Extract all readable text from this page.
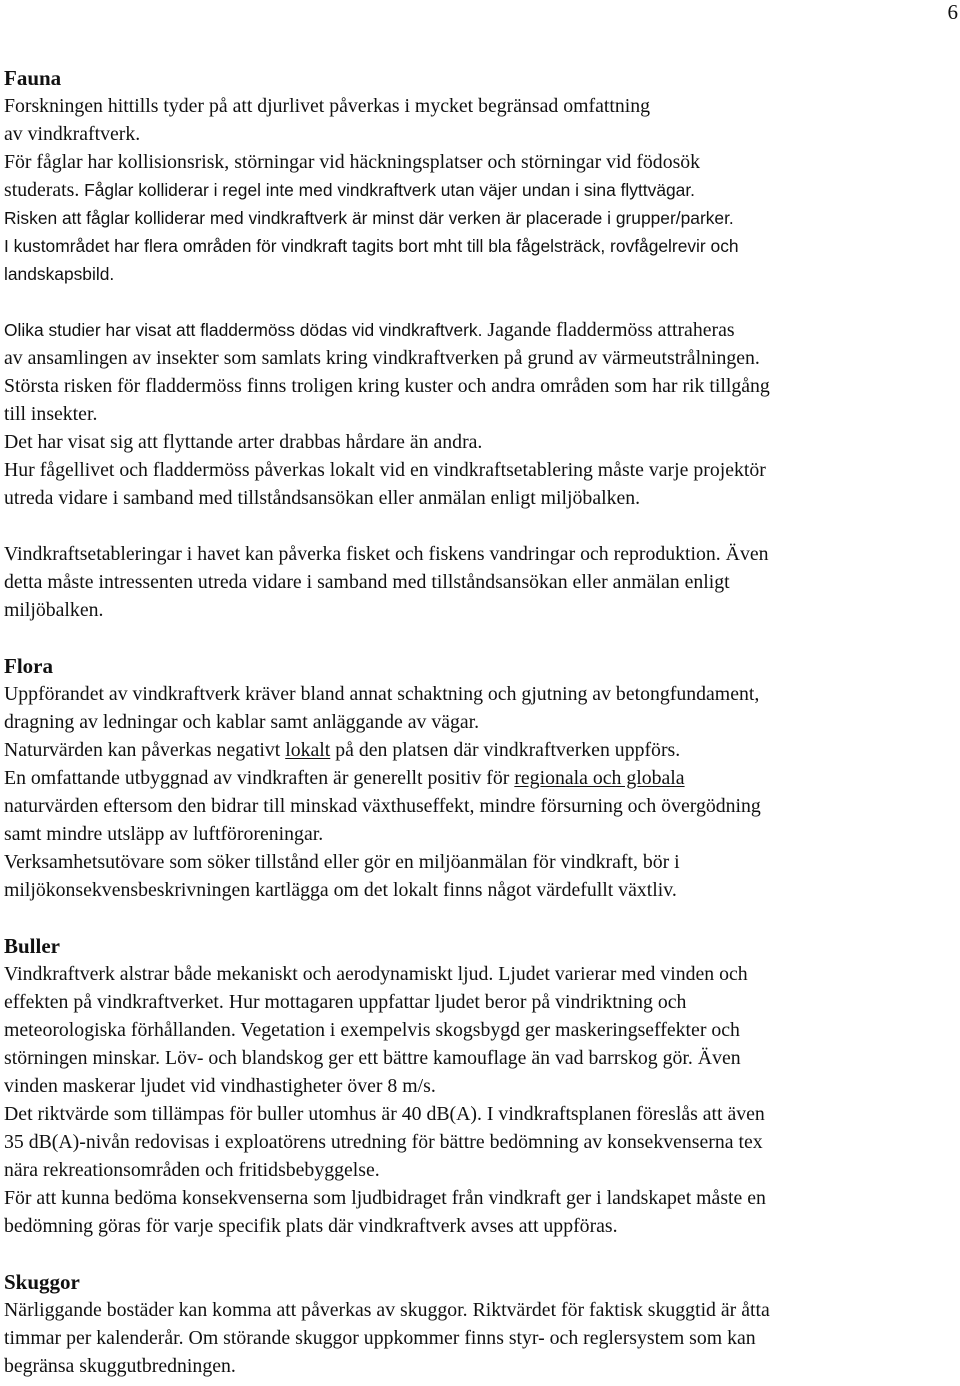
6

Fauna

Forskningen hittills tyder på att djurlivet påverkas i mycket begränsad omfattning

av vindkraftverk.

För fåglar har kollisionsrisk, störningar vid häckningsplatser och störningar vid födosök

studerats. Fåglar kolliderar i regel inte med vindkraftverk utan väjer undan i sina flyttvägar.

Risken att fåglar kolliderar med vindkraftverk är minst där verken är placerade i grupper/parker.

I kustområdet har flera områden för vindkraft tagits bort mht till bla fågelsträck, rovfågelrevir och

landskapsbild.

Olika studier har visat att fladdermöss dödas vid vindkraftverk. Jagande fladdermöss attraheras

av ansamlingen av insekter som samlats kring vindkraftverken på grund av värmeutstrålningen.

Största risken för fladdermöss finns troligen kring kuster och andra områden som har rik tillgång

till insekter.

Det har visat sig att flyttande arter drabbas hårdare än andra.

Hur fågellivet och fladdermöss påverkas lokalt vid en vindkraftsetablering måste varje projektör

utreda vidare i samband med tillståndsansökan eller anmälan enligt miljöbalken.

Vindkraftsetableringar i havet kan påverka fisket och fiskens vandringar och reproduktion. Även

detta måste intressenten utreda vidare i samband med tillståndsansökan eller anmälan enligt

miljöbalken.

Flora

Uppförandet av vindkraftverk kräver bland annat schaktning och gjutning av betongfundament,

dragning av ledningar och kablar samt anläggande av vägar.

Naturvärden kan påverkas negativt lokalt på den platsen där vindkraftverken uppförs.

En omfattande utbyggnad av vindkraften är generellt positiv för regionala och globala

naturvärden eftersom den bidrar till minskad växthuseffekt, mindre försurning och övergödning

samt mindre utsläpp av luftföroreningar.

Verksamhetsutövare som söker tillstånd eller gör en miljöanmälan för vindkraft, bör i

miljökonsekvensbeskrivningen kartlägga om det lokalt finns något värdefullt växtliv.

Buller

Vindkraftverk alstrar både mekaniskt och aerodynamiskt ljud. Ljudet varierar med vinden och

effekten på vindkraftverket. Hur mottagaren uppfattar ljudet beror på vindriktning och

meteorologiska förhållanden. Vegetation i exempelvis skogsbygd ger maskeringseffekter och

störningen minskar. Löv- och blandskog ger ett bättre kamouflage än vad barrskog gör. Även

vinden maskerar ljudet vid vindhastigheter över 8 m/s.

Det riktvärde som tillämpas för buller utomhus är 40 dB(A). I vindkraftsplanen föreslås att även

35 dB(A)-nivån redovisas i exploatörens utredning för bättre bedömning av konsekvenserna tex

nära rekreationsområden och fritidsbebyggelse.

För att kunna bedöma konsekvenserna som ljudbidraget från vindkraft ger i landskapet måste en

bedömning göras för varje specifik plats där vindkraftverk avses att uppföras.

Skuggor

Närliggande bostäder kan komma att påverkas av skuggor. Riktvärdet för faktisk skuggtid är åtta

timmar per kalenderår. Om störande skuggor uppkommer finns styr- och reglersystem som kan

begränsa skuggutbredningen.
